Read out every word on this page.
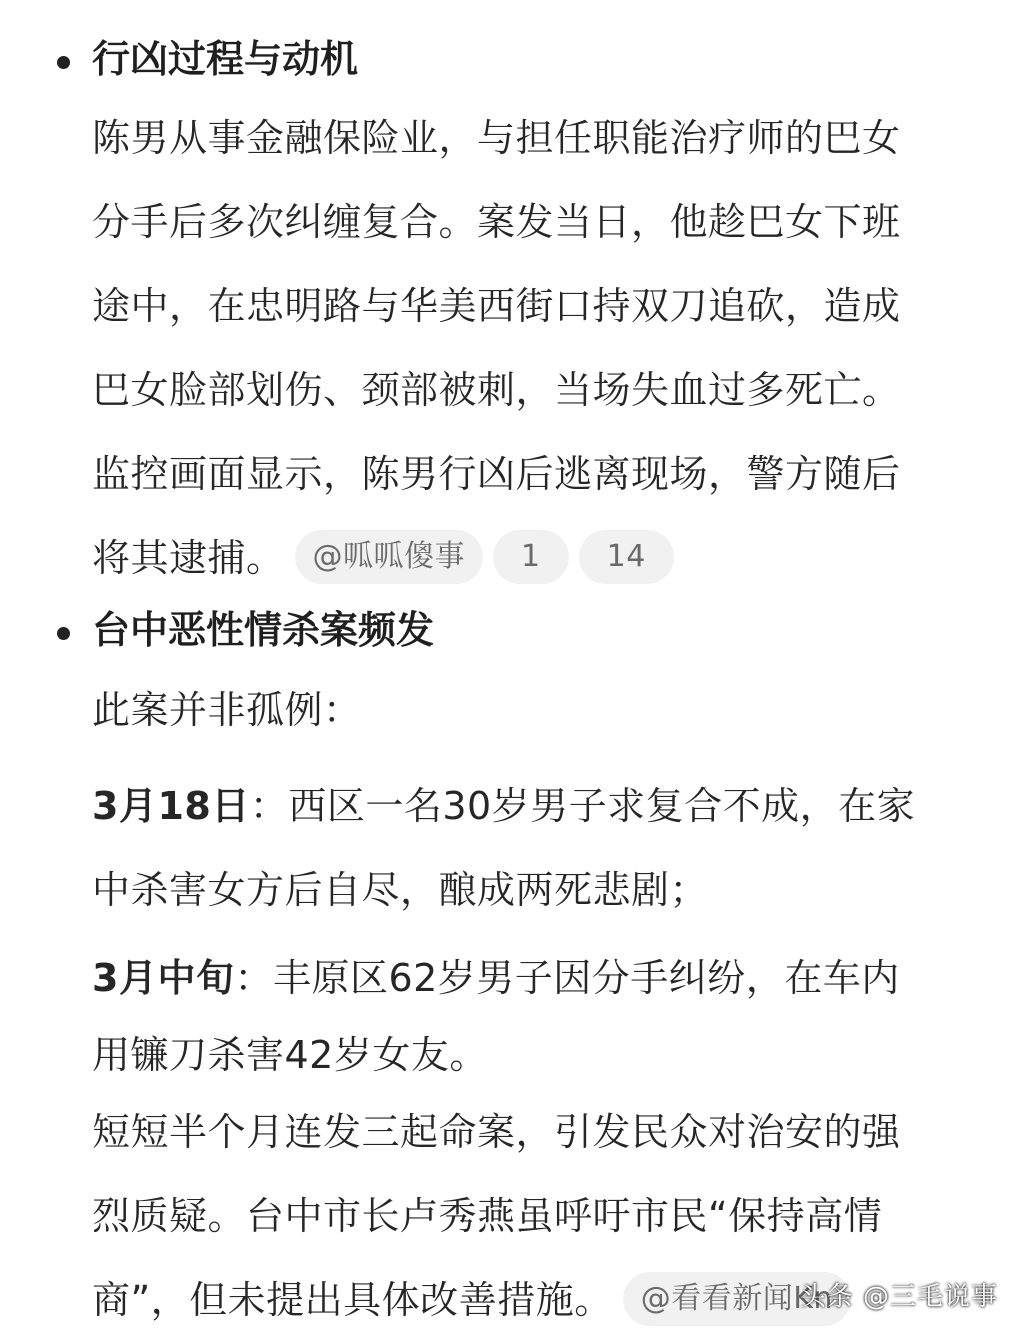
行凶过程与动机

陈男从事金融保险业，与担任职能治疗师的巴女

分手后多次纠缠复合。案发当日，他趁巴女下班

途中，在忠明路与华美西街口持双刀追砍，造成

巴女脸部划伤、颈部被刺，当场失血过多死亡。

监控画面显示，陈男行凶后逃离现场，警方随后

将其逮捕。 @呱呱傻事 1 14

台中恶性情杀案频发

此案并非孤例：

3月18日：西区一名30岁男子求复合不成，在家

中杀害女方后自尽，酿成两死悲剧；

3月中旬：丰原区62岁男子因分手纠纷，在车内

用镰刀杀害42岁女友。

短短半个月连发三起命案，引发民众对治安的强

烈质疑。台中市长卢秀燕虽呼吁市民“保持高情

商”，但未提出具体改善措施。 @看看新闻Kn

头条 @三毛说事
